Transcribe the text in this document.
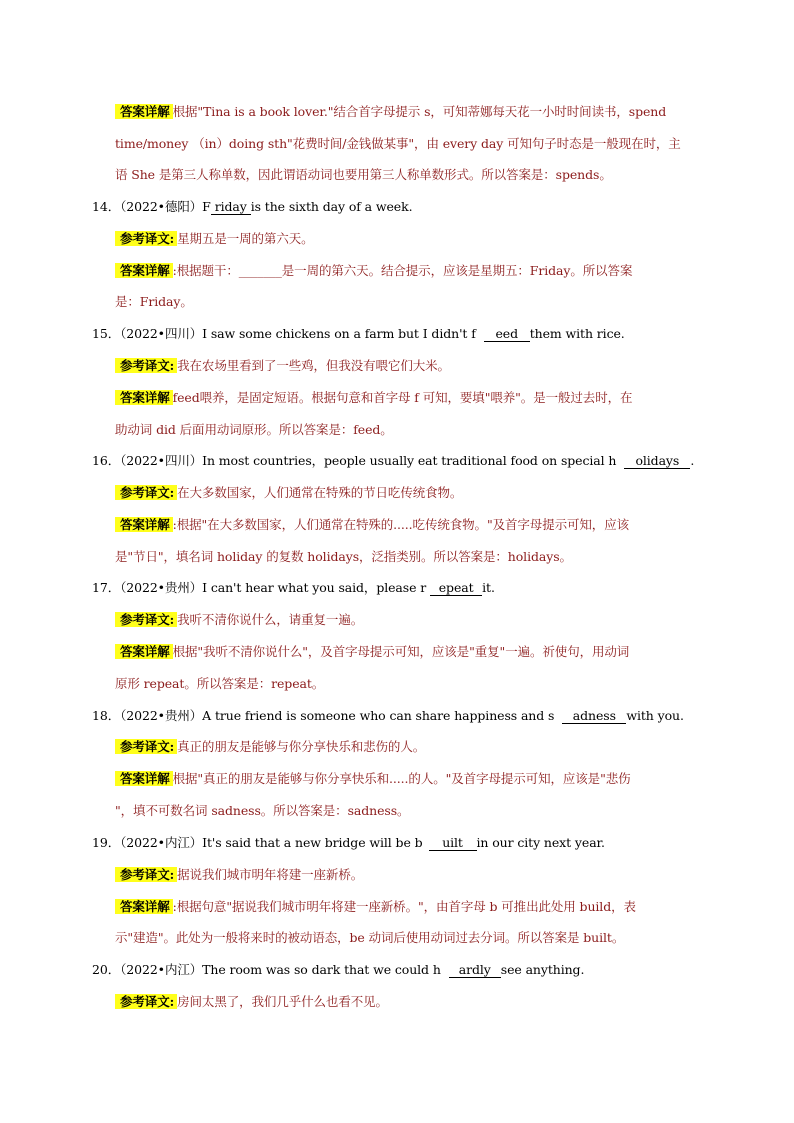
答案详解 根据"Tina is a book lover."结合首字母提示 s，可知蒂娜每天花一小时时间读书，spend
time/money （in）doing sth"花费时间/金钱做某事"，由 every day 可知句子时态是一般现在时，主
语 She 是第三人称单数，因此谓语动词也要用第三人称单数形式。所以答案是：spends。
14．（2022•德阳）F riday is the sixth day of a week.
参考译文: 星期五是一周的第六天。
答案详解 :根据题干：_______是一周的第六天。结合提示，应该是星期五：Friday。所以答案
是：Friday。
15．（2022•四川）I saw some chickens on a farm but I didn't f eed them with rice.
参考译文: 我在农场里看到了一些鸡，但我没有喂它们大米。
答案详解 feed喂养，是固定短语。根据句意和首字母 f 可知，要填"喂养"。是一般过去时，在
助动词 did 后面用动词原形。所以答案是：feed。
16．（2022•四川）In most countries，people usually eat traditional food on special h olidays .
参考译文: 在大多数国家，人们通常在特殊的节日吃传统食物。
答案详解 :根据"在大多数国家，人们通常在特殊的.....吃传统食物。"及首字母提示可知，应该
是"节日"，填名词 holiday 的复数 holidays，泛指类别。所以答案是：holidays。
17．（2022•贵州）I can't hear what you said，please r epeat it.
参考译文: 我听不清你说什么，请重复一遍。
答案详解 根据"我听不清你说什么"，及首字母提示可知，应该是"重复"一遍。祈使句，用动词
原形 repeat。所以答案是：repeat。
18．（2022•贵州）A true friend is someone who can share happiness and s adness with you.
参考译文: 真正的朋友是能够与你分享快乐和悲伤的人。
答案详解 根据"真正的朋友是能够与你分享快乐和.....的人。"及首字母提示可知，应该是"悲伤
"，填不可数名词 sadness。所以答案是：sadness。
19．（2022•内江）It's said that a new bridge will be b uilt in our city next year.
参考译文: 据说我们城市明年将建一座新桥。
答案详解 :根据句意"据说我们城市明年将建一座新桥。"，由首字母 b 可推出此处用 build，表
示"建造"。此处为一般将来时的被动语态，be 动词后使用动词过去分词。所以答案是 built。
20．（2022•内江）The room was so dark that we could h ardly see anything.
参考译文: 房间太黑了，我们几乎什么也看不见。
